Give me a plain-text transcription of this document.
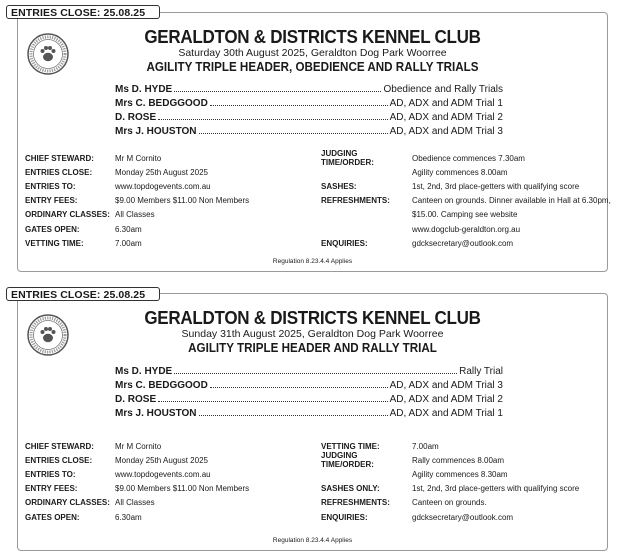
ENTRIES CLOSE: 25.08.25
GERALDTON & DISTRICTS KENNEL CLUB
Saturday 30th August 2025, Geraldton Dog Park Woorree
AGILITY TRIPLE HEADER, OBEDIENCE AND RALLY TRIALS
Ms D. HYDE	Obedience and Rally Trials
Mrs C. BEDGGOOD	AD, ADX and ADM Trial 1
D. ROSE	AD, ADX and ADM Trial 2
Mrs J. HOUSTON	AD, ADX and ADM Trial 3
CHIEF STEWARD:	Mr M Cornito
ENTRIES CLOSE:	Monday 25th August 2025
ENTRIES TO:	www.topdogevents.com.au
ENTRY FEES:	$9.00 Members $11.00 Non Members
ORDINARY CLASSES: All Classes
GATES OPEN:	6.30am
VETTING TIME:	7.00am
JUDGING TIME/ORDER:	Obedience commences 7.30am
Agility commences 8.00am
SASHES:	1st, 2nd, 3rd place-getters with qualifying score
REFRESHMENTS:	Canteen on grounds. Dinner available in Hall at 6.30pm,
$15.00. Camping see website
www.dogclub-geraldton.org.au
ENQUIRIES:	gdcksecretary@outlook.com
Regulation 8.23.4.4 Applies
ENTRIES CLOSE: 25.08.25
GERALDTON & DISTRICTS KENNEL CLUB
Sunday 31th August 2025, Geraldton Dog Park Woorree
AGILITY TRIPLE HEADER AND RALLY TRIAL
Ms D. HYDE	Rally Trial
Mrs C. BEDGGOOD	AD, ADX and ADM Trial 3
D. ROSE	AD, ADX and ADM Trial 2
Mrs J. HOUSTON	AD, ADX and ADM Trial 1
CHIEF STEWARD:	Mr M Cornito
ENTRIES CLOSE:	Monday 25th August 2025
ENTRIES TO:	www.topdogevents.com.au
ENTRY FEES:	$9.00 Members $11.00 Non Members
ORDINARY CLASSES: All Classes
GATES OPEN:	6.30am
VETTING TIME:	7.00am
JUDGING TIME/ORDER:	Rally commences 8.00am
Agility commences 8.30am
SASHES ONLY:	1st, 2nd, 3rd place-getters with qualifying score
REFRESHMENTS:	Canteen on grounds.
ENQUIRIES:	gdcksecretary@outlook.com
Regulation 8.23.4.4 Applies
